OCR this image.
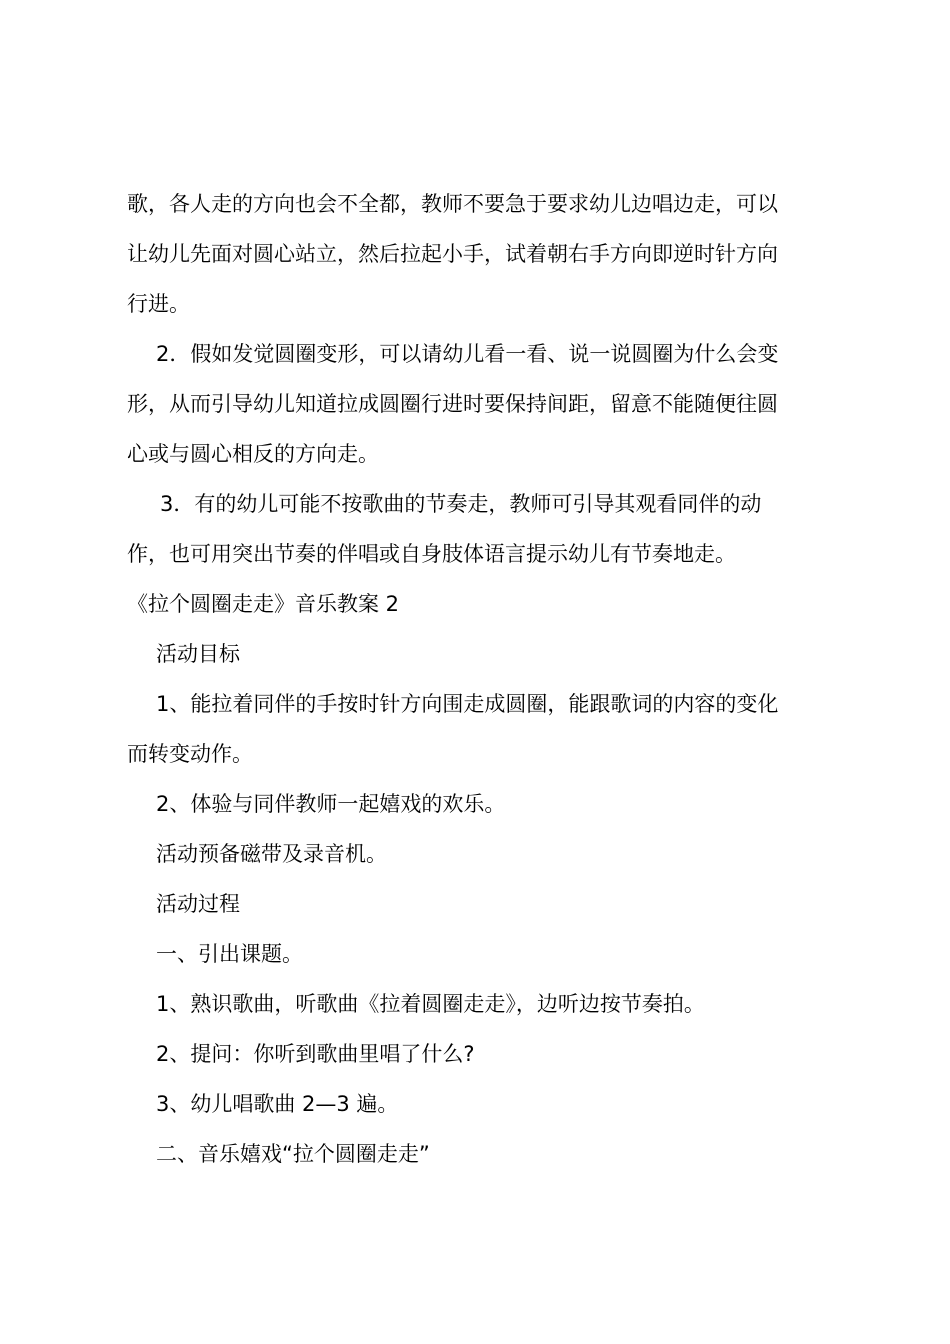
歌，各人走的方向也会不全都，教师不要急于要求幼儿边唱边走，可以
让幼儿先面对圆心站立，然后拉起小手，试着朝右手方向即逆时针方向
行进。
2．假如发觉圆圈变形，可以请幼儿看一看、说一说圆圈为什么会变
形，从而引导幼儿知道拉成圆圈行进时要保持间距，留意不能随便往圆
心或与圆心相反的方向走。
3．有的幼儿可能不按歌曲的节奏走，教师可引导其观看同伴的动
作，也可用突出节奏的伴唱或自身肢体语言提示幼儿有节奏地走。
《拉个圆圈走走》音乐教案 2
活动目标
1、能拉着同伴的手按时针方向围走成圆圈，能跟歌词的内容的变化
而转变动作。
2、体验与同伴教师一起嬉戏的欢乐。
活动预备磁带及录音机。
活动过程
一、引出课题。
1、熟识歌曲，听歌曲《拉着圆圈走走》，边听边按节奏拍。
2、提问：你听到歌曲里唱了什么?
3、幼儿唱歌曲 2—3 遍。
二、音乐嬉戏“拉个圆圈走走”
